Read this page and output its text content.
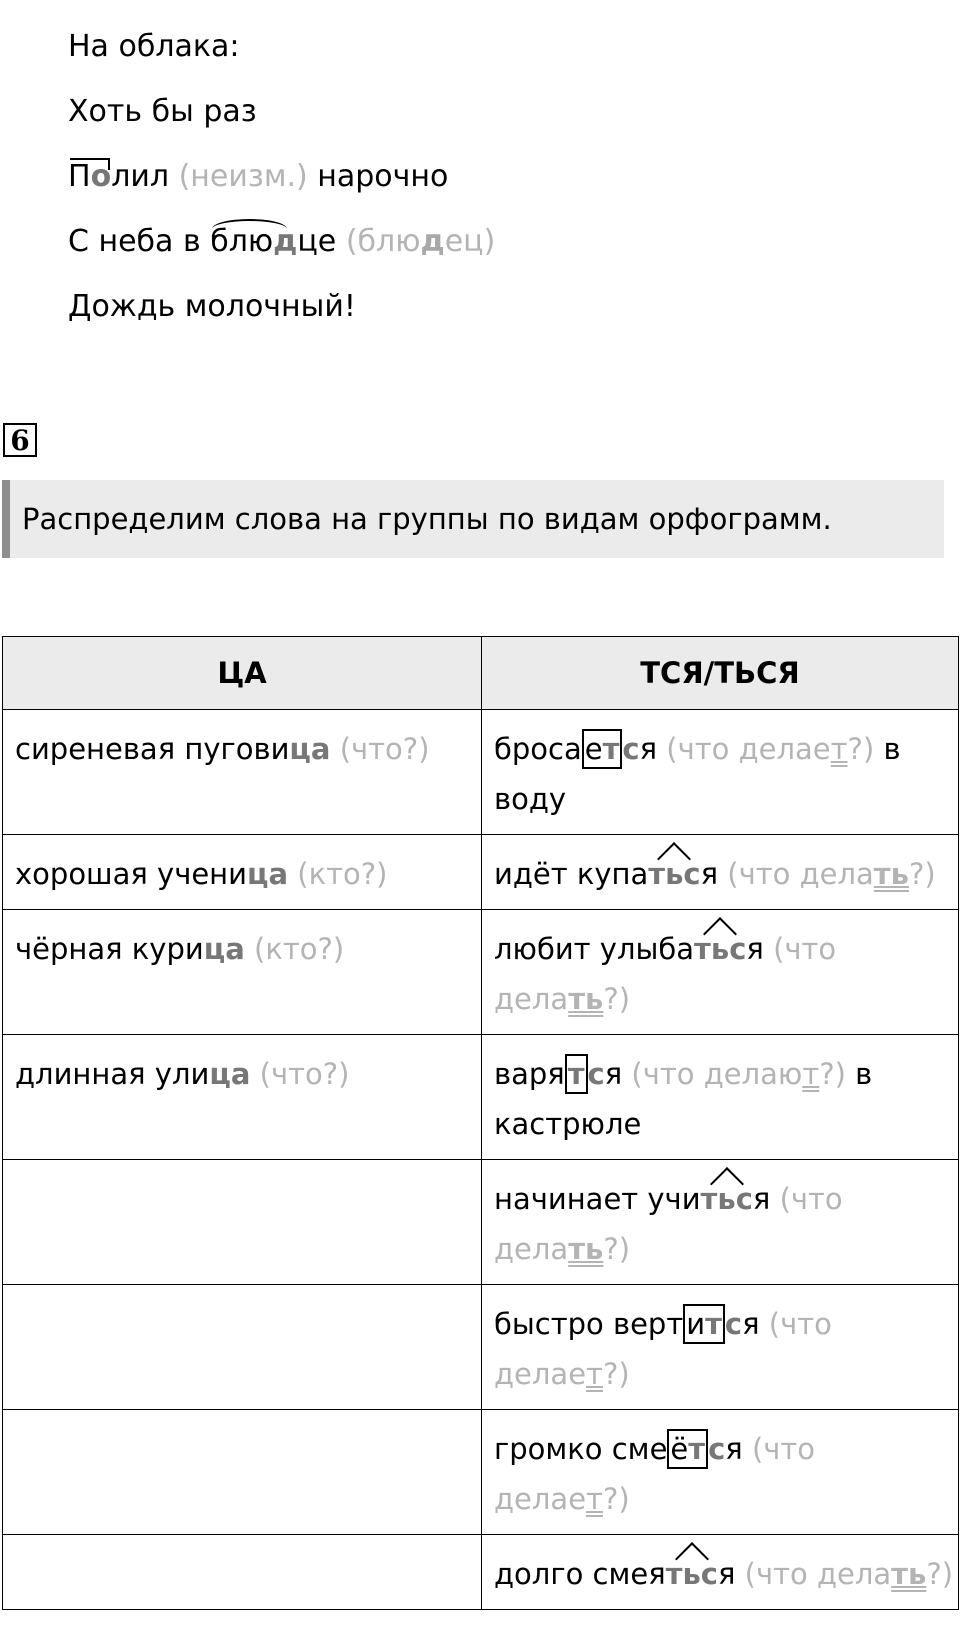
На облака:
Хоть бы раз
Полил (неизм.) нарочно
С неба в
блюдце (блюдец)
Дождь молочный!
6
Распределим слова на группы по видам орфограмм.
ЦА	ТСЯ/ТЬСЯ
сиреневая пуговица (что?)	броса ет ся (что делает?) в воду
хорошая ученица (кто?)	идёт купаться (что делать?)
чёрная курица (кто?)	любит улыбаться (что делать?)
длинная улица (что?)	варя т ся (что делают?) в кастрюле
	начинает учиться (что делать?)
	быстро верт ит ся (что делает?)
	громко сме ёт ся (что делает?)
	долго смеяться (что делать?)
